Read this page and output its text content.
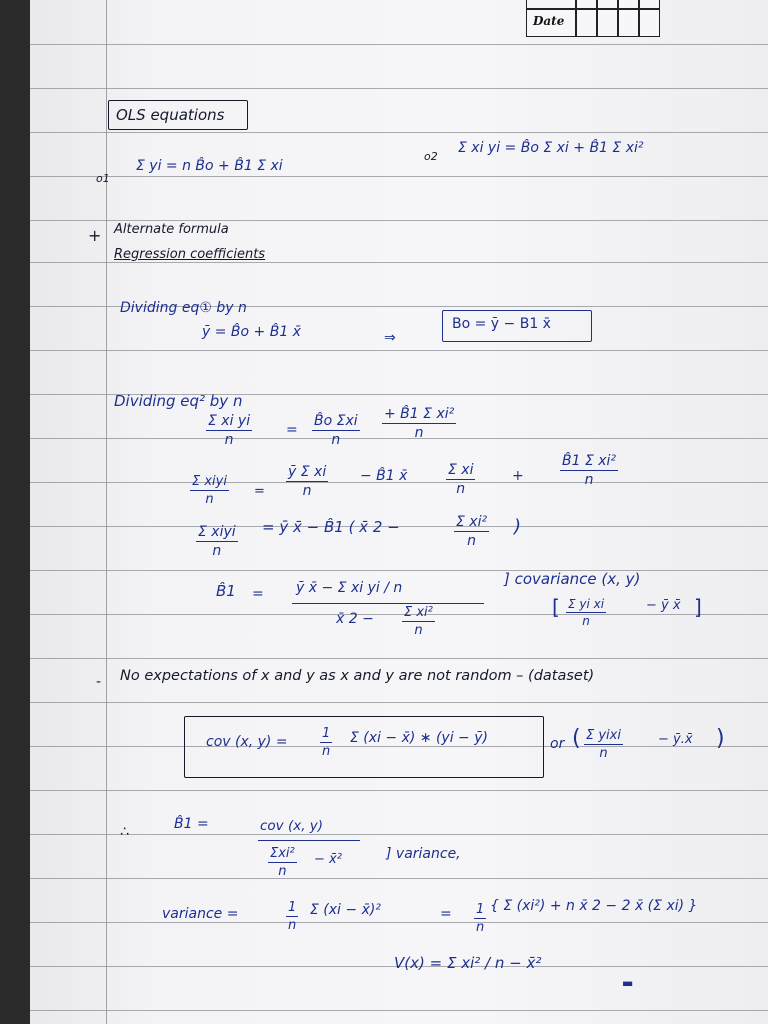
Date
OLS equations
o1
Σ yi = n B̂o + B̂1 Σ xi
o2
Σ xi yi = B̂o Σ xi + B̂1 Σ xi²
+ Alternate formula
Regression coefficients
Dividing eq① by n
ȳ = B̂o + B̂1 x̄	⇒
Bo = ȳ − B1 x̄
Dividing eq² by n
$\frac{\text{Σ xi yi}}{n}$ =
B̂o Σxi
n	$\frac{\text{+ B̂1 Σ xi²}}{n}$
Σ xiyi
n
= $\frac{\text{ȳ Σ xi}}{n}$ − B̂1 x̄	$\frac{\text{Σ xi}}{n}$	+	$\frac{\text{B̂1 Σ xi²}}{n}$
Σ xiyi
n
= ȳ x̄ − B̂1 ( x̄ 2 −	$\frac{\text{Σ xi²}}{n}$ )
B̂1 = ȳ x̄ − Σ xi yi / n
x̄ $2 - \frac{\text{Σ xi²}}{n}$
] covariance (x, y)
[ $\frac{\text{Σ yi xi}}{n}$	− ȳ x̄ ]
- No expectations of x and y as x and y are not random – (dataset)
cov (x, $y) = \frac{1}{n}$ Σ (xi − x̄) ∗ (yi − ȳ)	or ( Σ yixi
n
− ȳ.x̄ )
∴	B̂1 =	cov (x, y)
Σxi²
n
− x̄²	] variance,
variance =	$\frac{1}{n}$ Σ (xi − x̄)²	= $\frac{1}{n}$ { Σ (xi²) + n x̄ 2 − 2 x̄ (Σ xi) }
V(x) = Σ xi² / n − x̄²
▬
